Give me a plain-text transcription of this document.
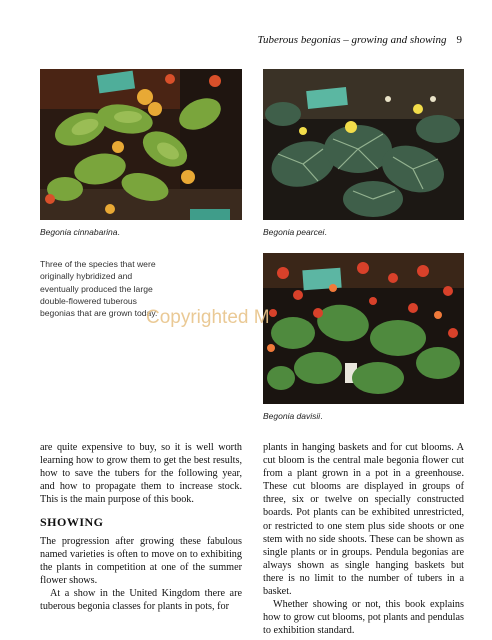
Tuberous begonias – growing and showing 9
Begonia cinnabarina.	Begonia pearcei.
Three of the species that were originally hybridized and eventually produced the large double-flowered tuberous begonias that are grown today.
Begonia davisii.
Copyrighted M

are quite expensive to buy, so it is well worth learning how to grow them to get the best results, how to save the tubers for the following year, and how to propagate them to increase stock. This is the main purpose of this book.

SHOWING

The progression after growing these fabulous named varieties is often to move on to exhibiting the plants in competition at one of the summer flower shows.

At a show in the United Kingdom there are tuberous begonia classes for plants in pots, for

plants in hanging baskets and for cut blooms. A cut bloom is the central male begonia flower cut from a plant grown in a pot in a greenhouse. These cut blooms are displayed in groups of three, six or twelve on specially constructed boards. Pot plants can be exhibited unrestricted, or restricted to one stem plus side shoots or one stem with no side shoots. These can be shown as single plants or in groups. Pendula begonias are always shown as single hanging baskets but there is no limit to the number of tubers in a basket.

Whether showing or not, this book explains how to grow cut blooms, pot plants and pendulas to exhibition standard.
